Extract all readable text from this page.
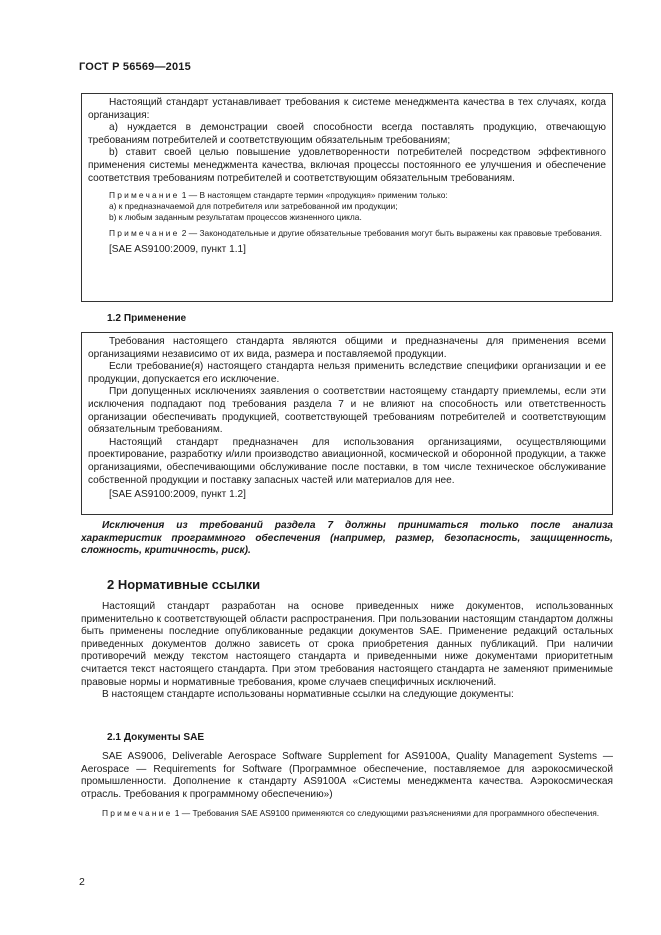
ГОСТ Р 56569—2015

Настоящий стандарт устанавливает требования к системе менеджмента качества в тех случаях, когда организация:

а) нуждается в демонстрации своей способности всегда поставлять продукцию, отвечающую требованиям потребителей и соответствующим обязательным требованиям;

b) ставит своей целью повышение удовлетворенности потребителей посредством эффективного применения системы менеджмента качества, включая процессы постоянного ее улучшения и обеспечение соответствия требованиям потребителей и соответствующим обязательным требованиям.

Примечание 1 — В настоящем стандарте термин «продукция» применим только:
а) к предназначаемой для потребителя или затребованной им продукции;
b) к любым заданным результатам процессов жизненного цикла.
Примечание 2 — Законодательные и другие обязательные требования могут быть выражены как правовые требования.
[SAE AS9100:2009, пункт 1.1]
1.2 Применение

Требования настоящего стандарта являются общими и предназначены для применения всеми организациями независимо от их вида, размера и поставляемой продукции.

Если требование(я) настоящего стандарта нельзя применить вследствие специфики организации и ее продукции, допускается его исключение.

При допущенных исключениях заявления о соответствии настоящему стандарту приемлемы, если эти исключения подпадают под требования раздела 7 и не влияют на способность или ответственность организации обеспечивать продукцией, соответствующей требованиям потребителей и соответствующим обязательным требованиям.

Настоящий стандарт предназначен для использования организациями, осуществляющими проектирование, разработку и/или производство авиационной, космической и оборонной продукции, а также организациями, обеспечивающими обслуживание после поставки, в том числе техническое обслуживание собственной продукции и поставку запасных частей или материалов для нее.

[SAE AS9100:2009, пункт 1.2]

Исключения из требований раздела 7 должны приниматься только после анализа характеристик программного обеспечения (например, размер, безопасность, защищенность, сложность, критичность, риск).

2 Нормативные ссылки

Настоящий стандарт разработан на основе приведенных ниже документов, использованных применительно к соответствующей области распространения. При пользовании настоящим стандартом должны быть применены последние опубликованные редакции документов SAE. Применение редакций остальных приведенных документов должно зависеть от срока приобретения данных публикаций. При наличии противоречий между текстом настоящего стандарта и приведенными ниже документами приоритетным считается текст настоящего стандарта. При этом требования настоящего стандарта не заменяют применимые правовые нормы и нормативные требования, кроме случаев специфичных исключений.

В настоящем стандарте использованы нормативные ссылки на следующие документы:

2.1 Документы SAE

SAE AS9006, Deliverable Aerospace Software Supplement for AS9100A, Quality Management Systems — Aerospace — Requirements for Software (Программное обеспечение, поставляемое для аэрокосмической промышленности. Дополнение к стандарту AS9100A «Системы менеджмента качества. Аэрокосмическая отрасль. Требования к программному обеспечению»)

Примечание 1 — Требования SAE AS9100 применяются со следующими разъяснениями для программного обеспечения.
2
